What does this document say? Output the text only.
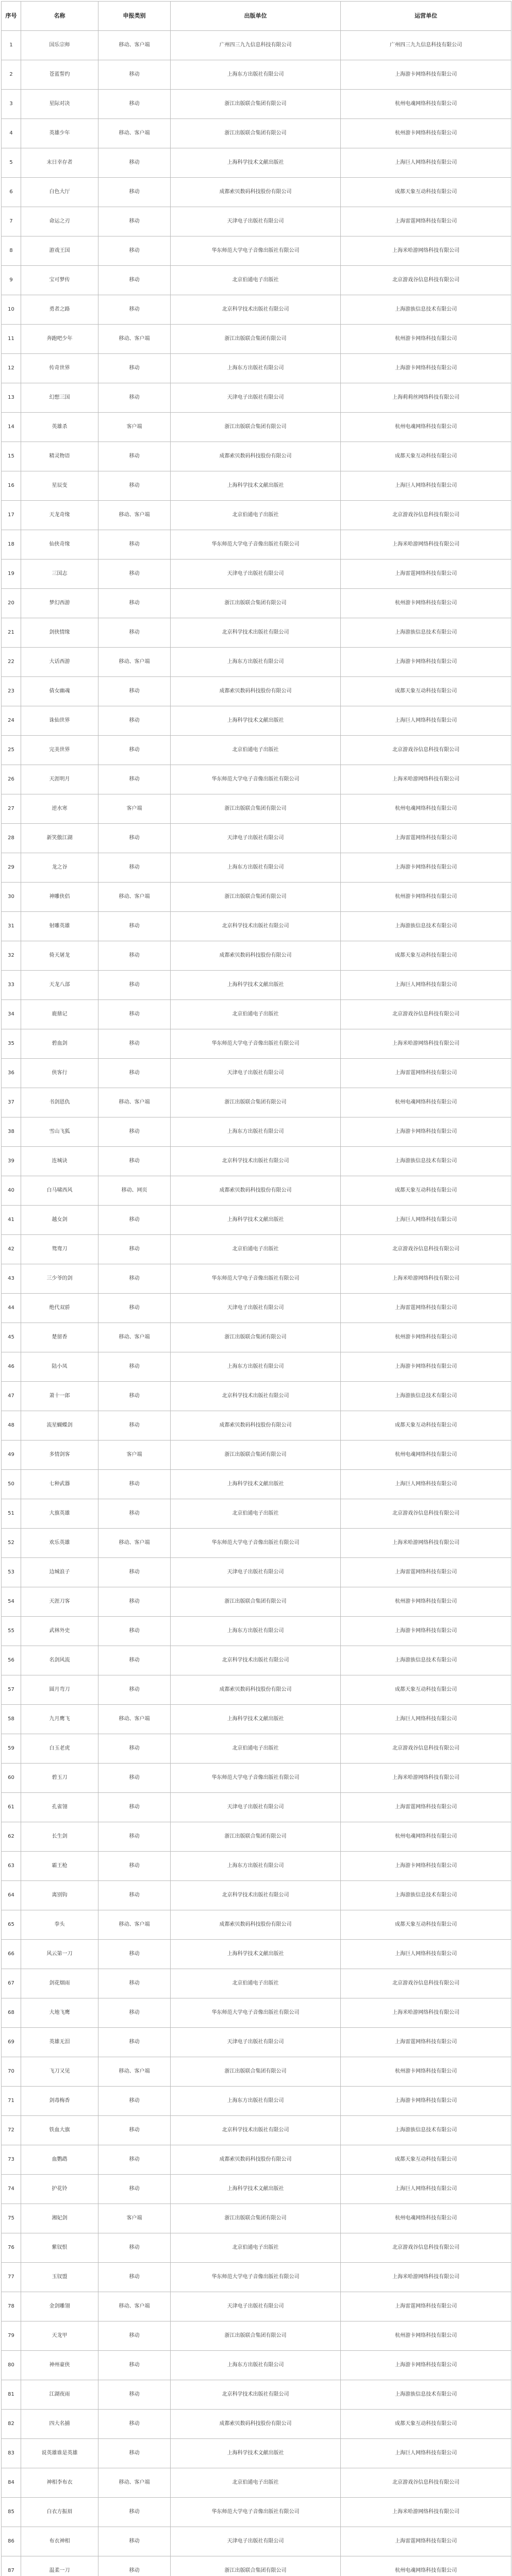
序号	名称	申报类别	出版单位	运营单位
1	国乐宗师	移动、客户端	广州四三九九信息科技有限公司	广州四三九九信息科技有限公司
2	苍蓝誓约	移动	上海东方出版社有限公司	上海游卡网络科技有限公司
3	星际对决	移动	浙江出版联合集团有限公司	杭州电魂网络科技有限公司
4	英雄少年	移动、客户端	浙江出版联合集团有限公司	杭州游卡网络科技有限公司
5	末日幸存者	移动	上海科学技术文献出版社	上海巨人网络科技有限公司
6	白色大厅	移动	成都索贝数码科技股份有限公司	成都天象互动科技有限公司
7	命运之刃	移动	天津电子出版社有限公司	上海雷霆网络科技有限公司
8	游戏王国	移动	华东师范大学电子音像出版社有限公司	上海米哈游网络科技有限公司
9	宝可梦传	移动	北京伯通电子出版社	北京游戏谷信息科技有限公司
10	勇者之路	移动	北京科学技术出版社有限公司	上海游族信息技术有限公司
11	奔跑吧少年	移动、客户端	浙江出版联合集团有限公司	杭州游卡网络科技有限公司
12	传奇世界	移动	上海东方出版社有限公司	上海游卡网络科技有限公司
13	幻想三国	移动	天津电子出版社有限公司	上海莉莉丝网络科技有限公司
14	英雄杀	客户端	浙江出版联合集团有限公司	杭州电魂网络科技有限公司
15	精灵物语	移动	成都索贝数码科技股份有限公司	成都天象互动科技有限公司
16	星辰变	移动	上海科学技术文献出版社	上海巨人网络科技有限公司
17	天龙奇缘	移动、客户端	北京伯通电子出版社	北京游戏谷信息科技有限公司
18	仙侠奇缘	移动	华东师范大学电子音像出版社有限公司	上海米哈游网络科技有限公司
19	三国志	移动	天津电子出版社有限公司	上海雷霆网络科技有限公司
20	梦幻西游	移动	浙江出版联合集团有限公司	杭州游卡网络科技有限公司
21	剑侠情缘	移动	北京科学技术出版社有限公司	上海游族信息技术有限公司
22	大话西游	移动、客户端	上海东方出版社有限公司	上海游卡网络科技有限公司
23	倩女幽魂	移动	成都索贝数码科技股份有限公司	成都天象互动科技有限公司
24	诛仙世界	移动	上海科学技术文献出版社	上海巨人网络科技有限公司
25	完美世界	移动	北京伯通电子出版社	北京游戏谷信息科技有限公司
26	天涯明月	移动	华东师范大学电子音像出版社有限公司	上海米哈游网络科技有限公司
27	逆水寒	客户端	浙江出版联合集团有限公司	杭州电魂网络科技有限公司
28	新笑傲江湖	移动	天津电子出版社有限公司	上海雷霆网络科技有限公司
29	龙之谷	移动	上海东方出版社有限公司	上海游卡网络科技有限公司
30	神雕侠侣	移动、客户端	浙江出版联合集团有限公司	杭州游卡网络科技有限公司
31	射雕英雄	移动	北京科学技术出版社有限公司	上海游族信息技术有限公司
32	倚天屠龙	移动	成都索贝数码科技股份有限公司	成都天象互动科技有限公司
33	天龙八部	移动	上海科学技术文献出版社	上海巨人网络科技有限公司
34	鹿鼎记	移动	北京伯通电子出版社	北京游戏谷信息科技有限公司
35	碧血剑	移动	华东师范大学电子音像出版社有限公司	上海米哈游网络科技有限公司
36	侠客行	移动	天津电子出版社有限公司	上海雷霆网络科技有限公司
37	书剑恩仇	移动、客户端	浙江出版联合集团有限公司	杭州电魂网络科技有限公司
38	雪山飞狐	移动	上海东方出版社有限公司	上海游卡网络科技有限公司
39	连城诀	移动	北京科学技术出版社有限公司	上海游族信息技术有限公司
40	白马啸西风	移动、网页	成都索贝数码科技股份有限公司	成都天象互动科技有限公司
41	越女剑	移动	上海科学技术文献出版社	上海巨人网络科技有限公司
42	鸳鸯刀	移动	北京伯通电子出版社	北京游戏谷信息科技有限公司
43	三少爷的剑	移动	华东师范大学电子音像出版社有限公司	上海米哈游网络科技有限公司
44	绝代双骄	移动	天津电子出版社有限公司	上海雷霆网络科技有限公司
45	楚留香	移动、客户端	浙江出版联合集团有限公司	杭州游卡网络科技有限公司
46	陆小凤	移动	上海东方出版社有限公司	上海游卡网络科技有限公司
47	萧十一郎	移动	北京科学技术出版社有限公司	上海游族信息技术有限公司
48	流星蝴蝶剑	移动	成都索贝数码科技股份有限公司	成都天象互动科技有限公司
49	多情剑客	客户端	浙江出版联合集团有限公司	杭州电魂网络科技有限公司
50	七种武器	移动	上海科学技术文献出版社	上海巨人网络科技有限公司
51	大旗英雄	移动	北京伯通电子出版社	北京游戏谷信息科技有限公司
52	欢乐英雄	移动、客户端	华东师范大学电子音像出版社有限公司	上海米哈游网络科技有限公司
53	边城浪子	移动	天津电子出版社有限公司	上海雷霆网络科技有限公司
54	天涯刀客	移动	浙江出版联合集团有限公司	杭州游卡网络科技有限公司
55	武林外史	移动	上海东方出版社有限公司	上海游卡网络科技有限公司
56	名剑风流	移动	北京科学技术出版社有限公司	上海游族信息技术有限公司
57	圆月弯刀	移动	成都索贝数码科技股份有限公司	成都天象互动科技有限公司
58	九月鹰飞	移动、客户端	上海科学技术文献出版社	上海巨人网络科技有限公司
59	白玉老虎	移动	北京伯通电子出版社	北京游戏谷信息科技有限公司
60	碧玉刀	移动	华东师范大学电子音像出版社有限公司	上海米哈游网络科技有限公司
61	孔雀翎	移动	天津电子出版社有限公司	上海雷霆网络科技有限公司
62	长生剑	移动	浙江出版联合集团有限公司	杭州电魂网络科技有限公司
63	霸王枪	移动	上海东方出版社有限公司	上海游卡网络科技有限公司
64	离别钩	移动	北京科学技术出版社有限公司	上海游族信息技术有限公司
65	拳头	移动、客户端	成都索贝数码科技股份有限公司	成都天象互动科技有限公司
66	风云第一刀	移动	上海科学技术文献出版社	上海巨人网络科技有限公司
67	剑花烟雨	移动	北京伯通电子出版社	北京游戏谷信息科技有限公司
68	大地飞鹰	移动	华东师范大学电子音像出版社有限公司	上海米哈游网络科技有限公司
69	英雄无泪	移动	天津电子出版社有限公司	上海雷霆网络科技有限公司
70	飞刀又见	移动、客户端	浙江出版联合集团有限公司	杭州游卡网络科技有限公司
71	剑毒梅香	移动	上海东方出版社有限公司	上海游卡网络科技有限公司
72	铁血大旗	移动	北京科学技术出版社有限公司	上海游族信息技术有限公司
73	血鹦鹉	移动	成都索贝数码科技股份有限公司	成都天象互动科技有限公司
74	护花铃	移动	上海科学技术文献出版社	上海巨人网络科技有限公司
75	湘妃剑	客户端	浙江出版联合集团有限公司	杭州电魂网络科技有限公司
76	紫钗恨	移动	北京伯通电子出版社	北京游戏谷信息科技有限公司
77	玉钗盟	移动	华东师范大学电子音像出版社有限公司	上海米哈游网络科技有限公司
78	金剑雕翎	移动、客户端	天津电子出版社有限公司	上海雷霆网络科技有限公司
79	天龙甲	移动	浙江出版联合集团有限公司	杭州游卡网络科技有限公司
80	神州豪侠	移动	上海东方出版社有限公司	上海游卡网络科技有限公司
81	江湖夜雨	移动	北京科学技术出版社有限公司	上海游族信息技术有限公司
82	四大名捕	移动	成都索贝数码科技股份有限公司	成都天象互动科技有限公司
83	说英雄谁是英雄	移动	上海科学技术文献出版社	上海巨人网络科技有限公司
84	神相李布衣	移动、客户端	北京伯通电子出版社	北京游戏谷信息科技有限公司
85	白衣方振眉	移动	华东师范大学电子音像出版社有限公司	上海米哈游网络科技有限公司
86	布衣神相	移动	天津电子出版社有限公司	上海雷霆网络科技有限公司
87	温柔一刀	移动	浙江出版联合集团有限公司	杭州电魂网络科技有限公司
